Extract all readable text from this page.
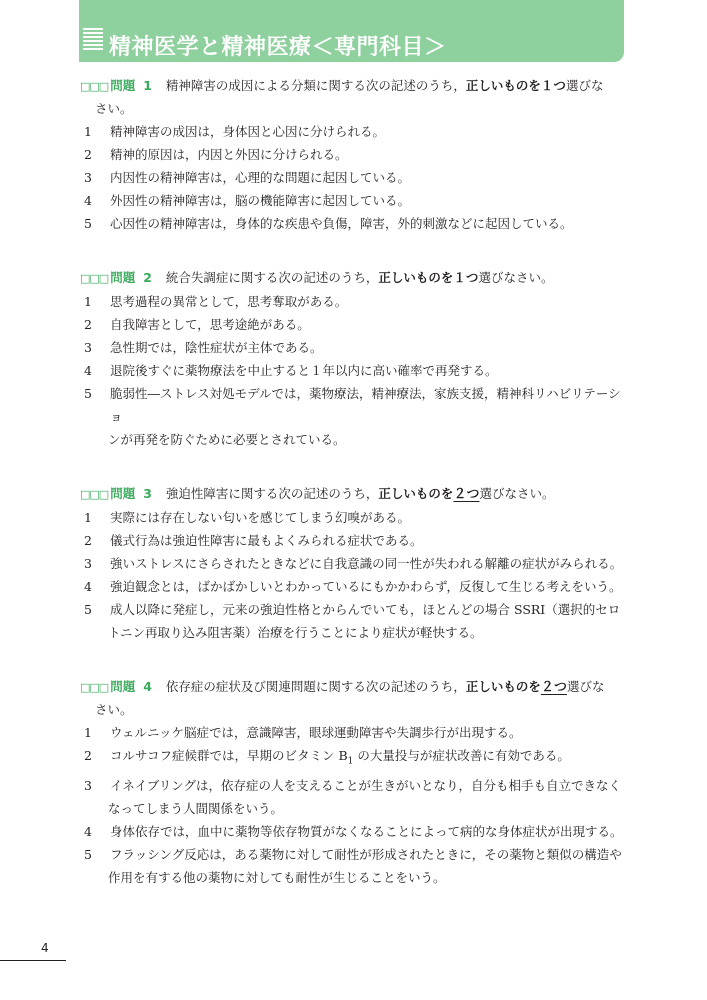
精神医学と精神医療＜専門科目＞
□□□ 問題 1 精神障害の成因による分類に関する次の記述のうち，正しいものを１つ選びな
さい。
1	精神障害の成因は，身体因と心因に分けられる。
2	精神的原因は，内因と外因に分けられる。
3	内因性の精神障害は，心理的な問題に起因している。
4	外因性の精神障害は，脳の機能障害に起因している。
5	心因性の精神障害は，身体的な疾患や負傷，障害，外的刺激などに起因している。
□□□ 問題 2 統合失調症に関する次の記述のうち，正しいものを１つ選びなさい。
1	思考過程の異常として，思考奪取がある。
2	自我障害として，思考途絶がある。
3	急性期では，陰性症状が主体である。
4	退院後すぐに薬物療法を中止すると１年以内に高い確率で再発する。
5	脆弱性―ストレス対処モデルでは，薬物療法，精神療法，家族支援，精神科リハビリテーショ
ンが再発を防ぐために必要とされている。
□□□ 問題 3 強迫性障害に関する次の記述のうち，正しいものを２つ選びなさい。
1	実際には存在しない匂いを感じてしまう幻嗅がある。
2	儀式行為は強迫性障害に最もよくみられる症状である。
3	強いストレスにさらされたときなどに自我意識の同一性が失われる解離の症状がみられる。
4	強迫観念とは，ばかばかしいとわかっているにもかかわらず，反復して生じる考えをいう。
5	成人以降に発症し，元来の強迫性格とからんでいても，ほとんどの場合 SSRI（選択的セロ
トニン再取り込み阻害薬）治療を行うことにより症状が軽快する。
□□□ 問題 4 依存症の症状及び関連問題に関する次の記述のうち，正しいものを２つ選びな
さい。
1	ウェルニッケ脳症では，意識障害，眼球運動障害や失調歩行が出現する。
2	コルサコフ症候群では，早期のビタミン $B_1$ の大量投与が症状改善に有効である。
3	イネイブリングは，依存症の人を支えることが生きがいとなり，自分も相手も自立できなく
なってしまう人間関係をいう。
4	身体依存では，血中に薬物等依存物質がなくなることによって病的な身体症状が出現する。
5	フラッシング反応は，ある薬物に対して耐性が形成されたときに，その薬物と類似の構造や
作用を有する他の薬物に対しても耐性が生じることをいう。
4
